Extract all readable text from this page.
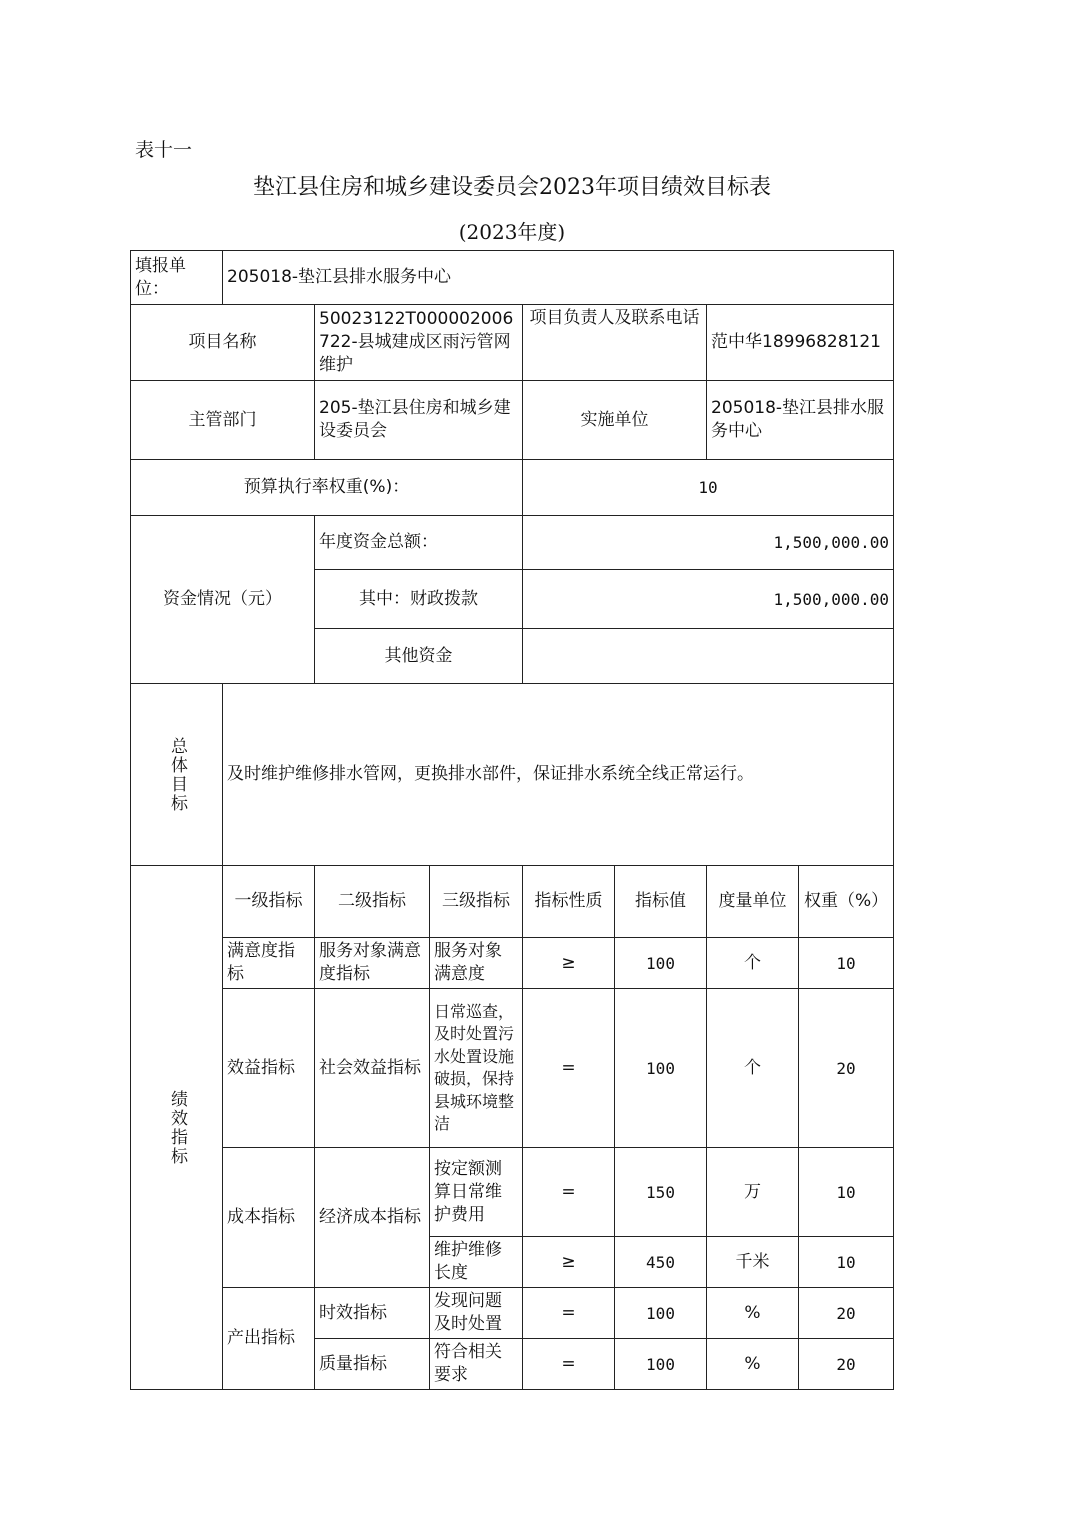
表十一
垫江县住房和城乡建设委员会2023年项目绩效目标表
(2023年度)
填报单位：	205018-垫江县排水服务中心						
项目名称		50023122T000002006722-县城建成区雨污管网维护		项目负责人及联系电话		范中华18996828121	
主管部门		205-垫江县住房和城乡建设委员会		实施单位		205018-垫江县排水服务中心	
预算执行率权重(%)：				10			
资金情况（元）		年度资金总额：		1,500,000.00			
		其中：财政拨款		1,500,000.00			
		其他资金					

总体目标	及时维护维修排水管网，更换排水部件，保证排水系统全线正常运行。						

绩效指标	一级指标	二级指标	三级指标	指标性质	指标值	度量单位	权重（%）
	满意度指标	服务对象满意度指标	服务对象满意度	≥	100	个	10
	效益指标	社会效益指标	日常巡查，及时处置污水处置设施破损，保持县城环境整洁	=	100	个	20
	成本指标	经济成本指标	按定额测算日常维护费用	=	150	万	10
			维护维修长度	≥	450	千米	10
	产出指标	时效指标	发现问题及时处置	=	100	%	20
		质量指标	符合相关要求	=	100	%	20
